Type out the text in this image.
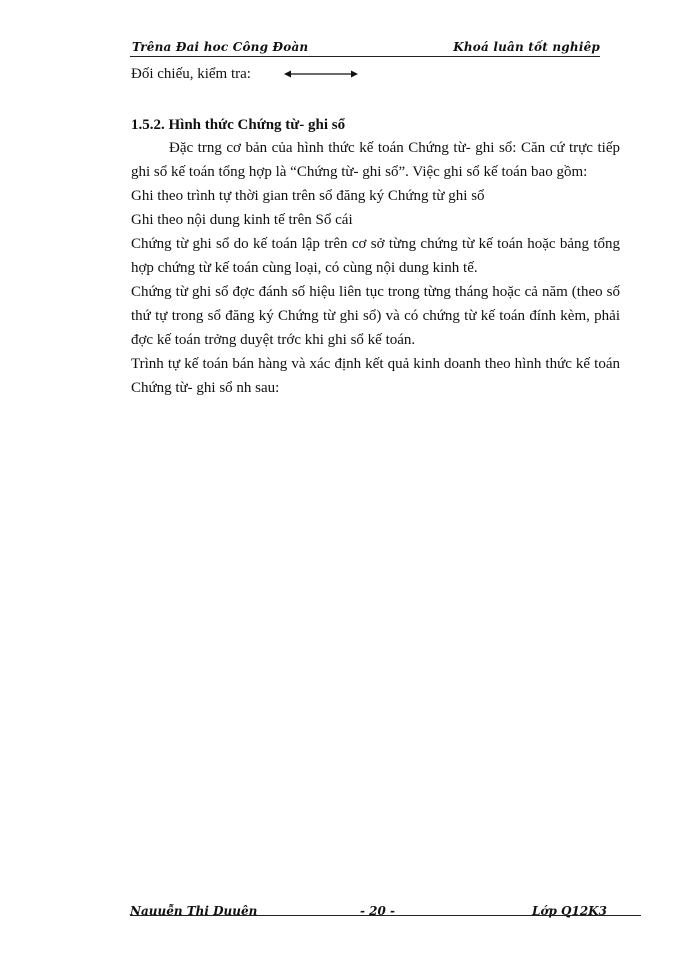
Trêna Đai hoc Công Đoàn	Khoá luân tốt nghiêp
Đối chiếu, kiểm tra:
1.5.2. Hình thức Chứng từ- ghi sổ

Đặc trng cơ bản của hình thức kế toán Chứng từ- ghi sổ: Căn cứ trực tiếp ghi sổ kế toán tổng hợp là “Chứng từ- ghi sổ”. Việc ghi sổ kế toán bao gồm:

Ghi theo trình tự thời gian trên sổ đăng ký Chứng từ ghi sổ

Ghi theo nội dung kinh tế trên Sổ cái

Chứng từ ghi sổ do kế toán lập trên cơ sở từng chứng từ kế toán hoặc bảng tổng hợp chứng từ kế toán cùng loại, có cùng nội dung kinh tế.

Chứng từ ghi sổ đợc đánh số hiệu liên tục trong từng tháng hoặc cả năm (theo số thứ tự trong sổ đăng ký Chứng từ ghi sổ) và có chứng từ kế toán đính kèm, phải đợc kế toán trởng duyệt trớc khi ghi sổ kế toán.

Trình tự kế toán bán hàng và xác định kết quả kinh doanh theo hình thức kế toán Chứng từ- ghi sổ nh sau:

Nauuễn Thi Duuên	- 20 -	Lớp Q12K3
